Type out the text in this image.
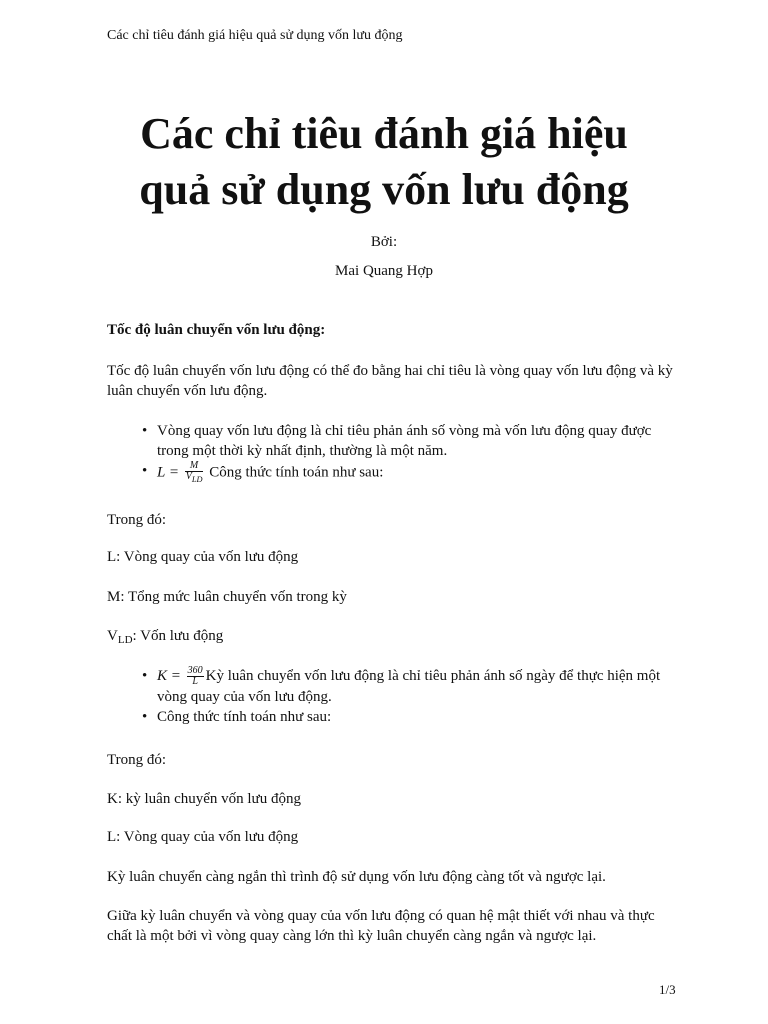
Các chỉ tiêu đánh giá hiệu quả sử dụng vốn lưu động
Các chỉ tiêu đánh giá hiệu
quả sử dụng vốn lưu động
Bởi:
Mai Quang Hợp
Tốc độ luân chuyển vốn lưu động:

Tốc độ luân chuyển vốn lưu động có thể đo bằng hai chỉ tiêu là vòng quay vốn lưu động và kỳ luân chuyển vốn lưu động.

• Vòng quay vốn lưu động là chỉ tiêu phản ánh số vòng mà vốn lưu động quay được trong một thời kỳ nhất định, thường là một năm.
• $L = \frac{M}{V_{LD}}$ Công thức tính toán như sau:
Trong đó:
L: Vòng quay của vốn lưu động
M: Tổng mức luân chuyển vốn trong kỳ
$V_{LD}$: Vốn lưu động
• $K = \frac{360}{L}$ Kỳ luân chuyển vốn lưu động là chỉ tiêu phản ánh số ngày để thực hiện một vòng quay của vốn lưu động.
• Công thức tính toán như sau:
Trong đó:
K: kỳ luân chuyển vốn lưu động
L: Vòng quay của vốn lưu động

Kỳ luân chuyển càng ngắn thì trình độ sử dụng vốn lưu động càng tốt và ngược lại.

Giữa kỳ luân chuyển và vòng quay của vốn lưu động có quan hệ mật thiết với nhau và thực chất là một bởi vì vòng quay càng lớn thì kỳ luân chuyển càng ngắn và ngược lại.

1/3
